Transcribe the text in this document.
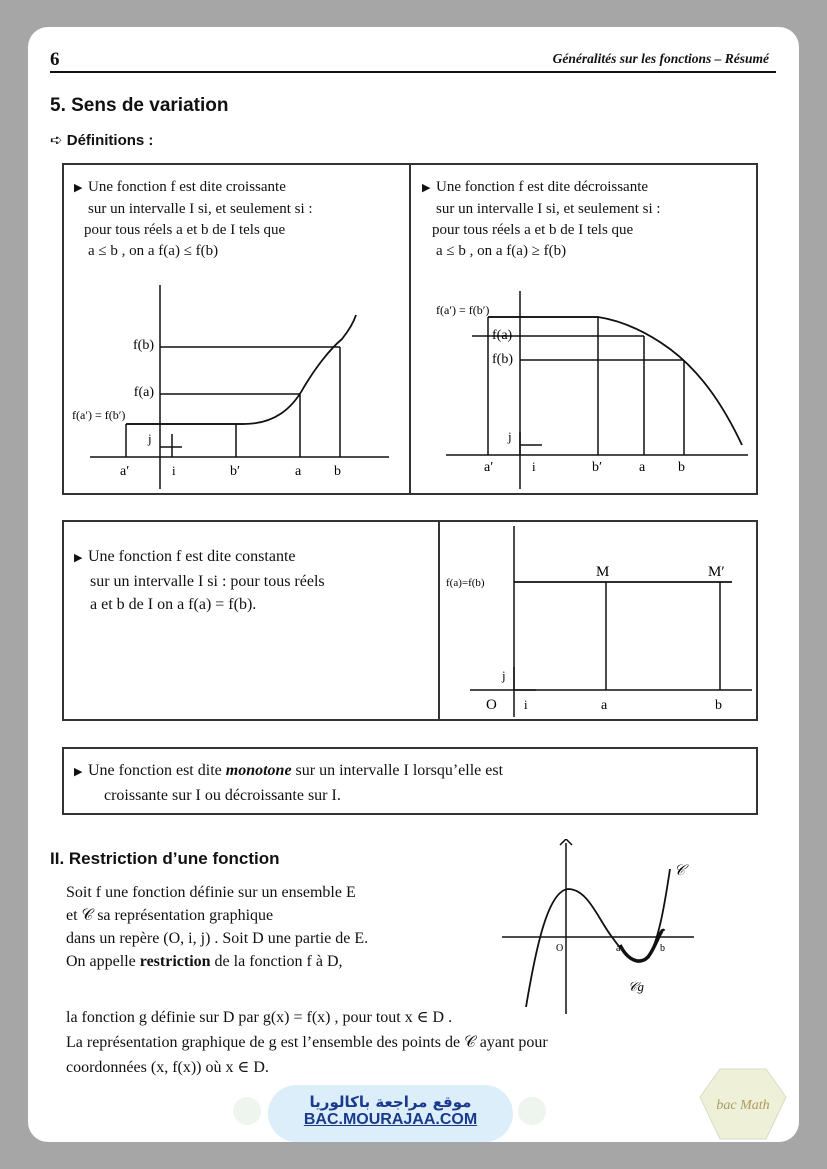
6	Généralités sur les fonctions – Résumé
5. Sens de variation
➪ Définitions :
▶ Une fonction f est dite croissante
sur un intervalle I si, et seulement si :
pour tous réels a et b de I tels que
a ≤ b , on a f(a) ≤ f(b)
▶ Une fonction f est dite décroissante
sur un intervalle I si, et seulement si :
pour tous réels a et b de I tels que
a ≤ b , on a f(a) ≥ f(b)
f(b)
f(a)
f(a′) = f(b′)
j
i
a′	b′	a b
f(a′) = f(b′)
f(a)
f(b)
j
i
a′	b′	a b
▶ Une fonction f est dite constante
sur un intervalle I si : pour tous réels
a et b de I on a f(a) = f(b).
f(a)=f(b)
M	M′
j
O i	a	b
▶ Une fonction est dite monotone sur un intervalle I lorsqu’elle est
croissante sur I ou décroissante sur I.
II. Restriction d’une fonction
Soit f une fonction définie sur un ensemble E
et 𝒞 sa représentation graphique
dans un repère (O, i, j) . Soit D une partie de E.
On appelle restriction de la fonction f à D,
𝒞
𝒞g
O	a	b
la fonction g définie sur D par g(x) = f(x) , pour tout x ∈ D .
La représentation graphique de g est l’ensemble des points de 𝒞 ayant pour
coordonnées (x, f(x)) où x ∈ D.
موقع مراجعة باكالوريا
BAC.MOURAJAA.COM
bac Math
